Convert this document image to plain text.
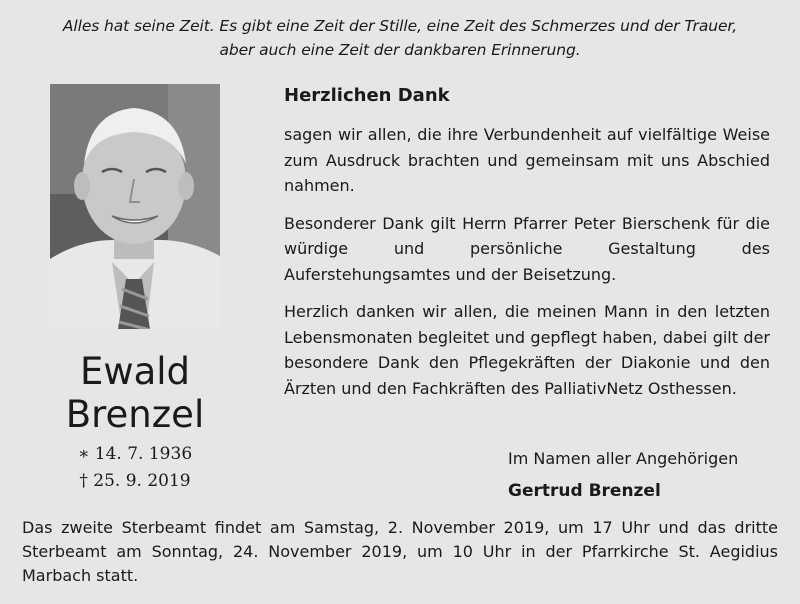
Alles hat seine Zeit. Es gibt eine Zeit der Stille, eine Zeit des Schmerzes und der Trauer,
aber auch eine Zeit der dankbaren Erinnerung.
Ewald
Brenzel
∗ 14. 7. 1936
† 25. 9. 2019
Herzlichen Dank

sagen wir allen, die ihre Verbundenheit auf vielfältige Weise zum Ausdruck brachten und gemeinsam mit uns Abschied nahmen.

Besonderer Dank gilt Herrn Pfarrer Peter Bierschenk für die würdige und persönliche Gestaltung des Auferstehungsamtes und der Beisetzung.

Herzlich danken wir allen, die meinen Mann in den letzten Lebensmonaten begleitet und gepflegt haben, dabei gilt der besondere Dank den Pflegekräften der Diakonie und den Ärzten und den Fachkräften des PalliativNetz Osthessen.

Im Namen aller Angehörigen
Gertrud Brenzel
Das zweite Sterbeamt findet am Samstag, 2. November 2019, um 17 Uhr und das dritte Sterbeamt am Sonntag, 24. November 2019, um 10 Uhr in der Pfarrkirche St. Aegidius Marbach statt.
